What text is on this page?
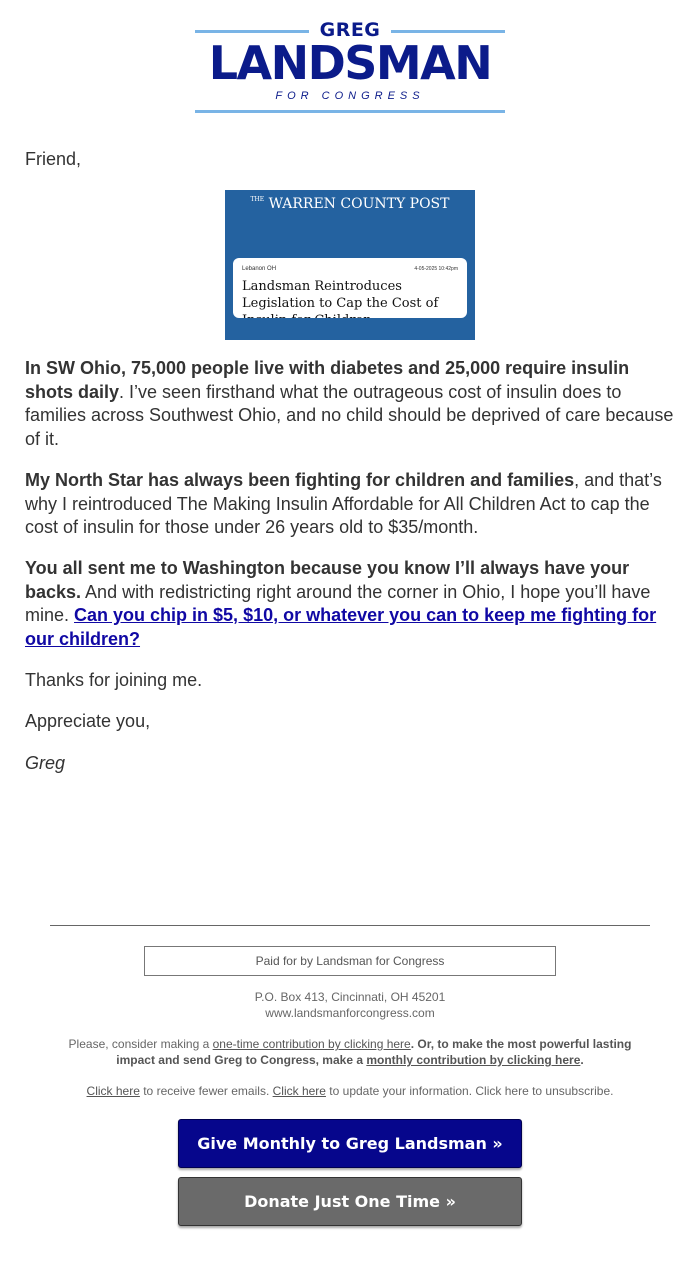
GREG
LANDSMAN
FOR CONGRESS
Friend,
$^{THE}$ WARREN COUNTY POST
Lebanon OH	4-05-2025 10:42pm
Landsman Reintroduces Legislation to Cap the Cost of
In SW Ohio, 75,000 people live with diabetes and 25,000 require insulin shots daily. I’ve seen firsthand what the outrageous cost of insulin does to families across Southwest Ohio, and no child should be deprived of care because of it.
My North Star has always been fighting for children and families, and that’s why I reintroduced The Making Insulin Affordable for All Children Act to cap the cost of insulin for those under 26 years old to $35/month.
You all sent me to Washington because you know I’ll always have your backs. And with redistricting right around the corner in Ohio, I hope you’ll have mine. Can you chip in $5, $10, or whatever you can to keep me fighting for our children?
Thanks for joining me.
Appreciate you,
Greg
Paid for by Landsman for Congress
P.O. Box 413, Cincinnati, OH 45201
www.landsmanforcongress.com
Please, consider making a one-time contribution by clicking here. Or, to make the most powerful lasting impact and send Greg to Congress, make a monthly contribution by clicking here.
Click here to receive fewer emails. Click here to update your information. Click here to unsubscribe.
Give Monthly to Greg Landsman »
Donate Just One Time »
